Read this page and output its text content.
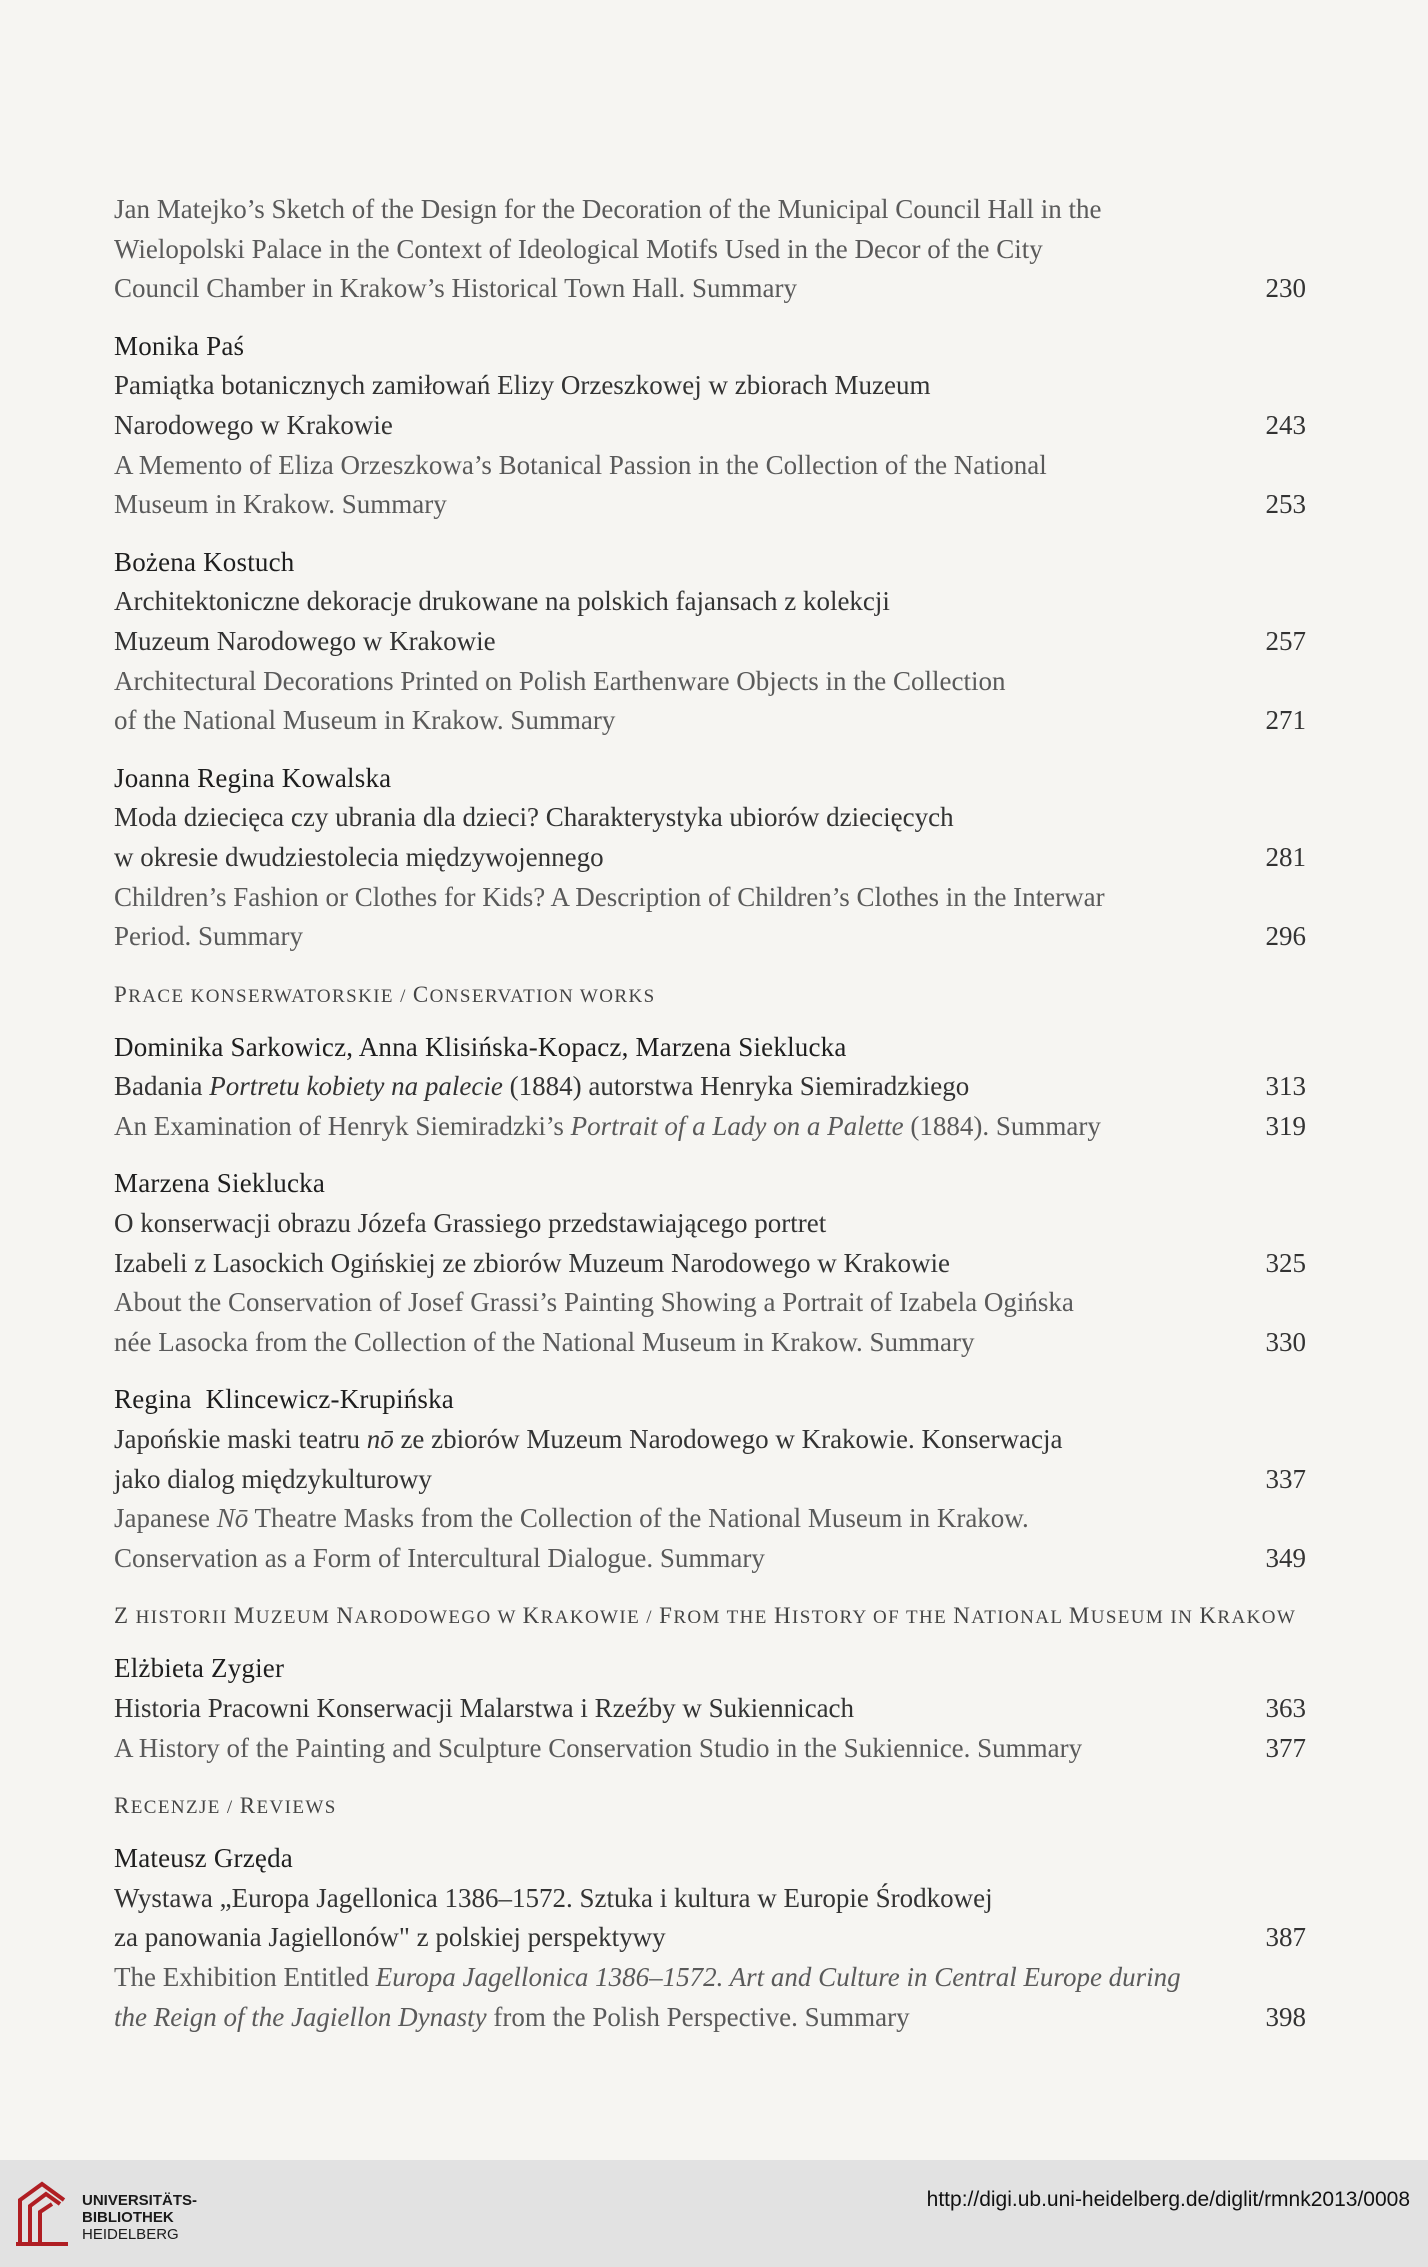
Jan Matejko’s Sketch of the Design for the Decoration of the Municipal Council Hall in the
Wielopolski Palace in the Context of Ideological Motifs Used in the Decor of the City
Council Chamber in Krakow’s Historical Town Hall. Summary	230
Monika Paś
Pamiątka botanicznych zamiłowań Elizy Orzeszkowej w zbiorach Muzeum
Narodowego w Krakowie	243
A Memento of Eliza Orzeszkowa’s Botanical Passion in the Collection of the National
Museum in Krakow. Summary	253
Bożena Kostuch
Architektoniczne dekoracje drukowane na polskich fajansach z kolekcji
Muzeum Narodowego w Krakowie	257
Architectural Decorations Printed on Polish Earthenware Objects in the Collection
of the National Museum in Krakow. Summary	271
Joanna Regina Kowalska
Moda dziecięca czy ubrania dla dzieci? Charakterystyka ubiorów dziecięcych
w okresie dwudziestolecia międzywojennego	281
Children’s Fashion or Clothes for Kids? A Description of Children’s Clothes in the Interwar
Period. Summary	296
PRACE KONSERWATORSKIE / CONSERVATION WORKS
Dominika Sarkowicz, Anna Klisińska-Kopacz, Marzena Sieklucka
Badania Portretu kobiety na palecie (1884) autorstwa Henryka Siemiradzkiego	313
An Examination of Henryk Siemiradzki’s Portrait of a Lady on a Palette (1884). Summary	319
Marzena Sieklucka
O konserwacji obrazu Józefa Grassiego przedstawiającego portret
Izabeli z Lasockich Ogińskiej ze zbiorów Muzeum Narodowego w Krakowie	325
About the Conservation of Josef Grassi’s Painting Showing a Portrait of Izabela Ogińska
née Lasocka from the Collection of the National Museum in Krakow. Summary	330
Regina  Klincewicz-Krupińska
Japońskie maski teatru nō ze zbiorów Muzeum Narodowego w Krakowie. Konserwacja
jako dialog międzykulturowy	337
Japanese Nō Theatre Masks from the Collection of the National Museum in Krakow.
Conservation as a Form of Intercultural Dialogue. Summary	349
Z HISTORII MUZEUM NARODOWEGO W KRAKOWIE / FROM THE HISTORY OF THE NATIONAL MUSEUM IN KRAKOW
Elżbieta Zygier
Historia Pracowni Konserwacji Malarstwa i Rzeźby w Sukiennicach	363
A History of the Painting and Sculpture Conservation Studio in the Sukiennice. Summary	377
RECENZJE / REVIEWS
Mateusz Grzęda
Wystawa „Europa Jagellonica 1386–1572. Sztuka i kultura w Europie Środkowej
za panowania Jagiellonów" z polskiej perspektywy	387
The Exhibition Entitled Europa Jagellonica 1386–1572. Art and Culture in Central Europe during
the Reign of the Jagiellon Dynasty from the Polish Perspective. Summary	398
UNIVERSITÄTS-
BIBLIOTHEK
HEIDELBERG
http://digi.ub.uni-heidelberg.de/diglit/rmnk2013/0008
